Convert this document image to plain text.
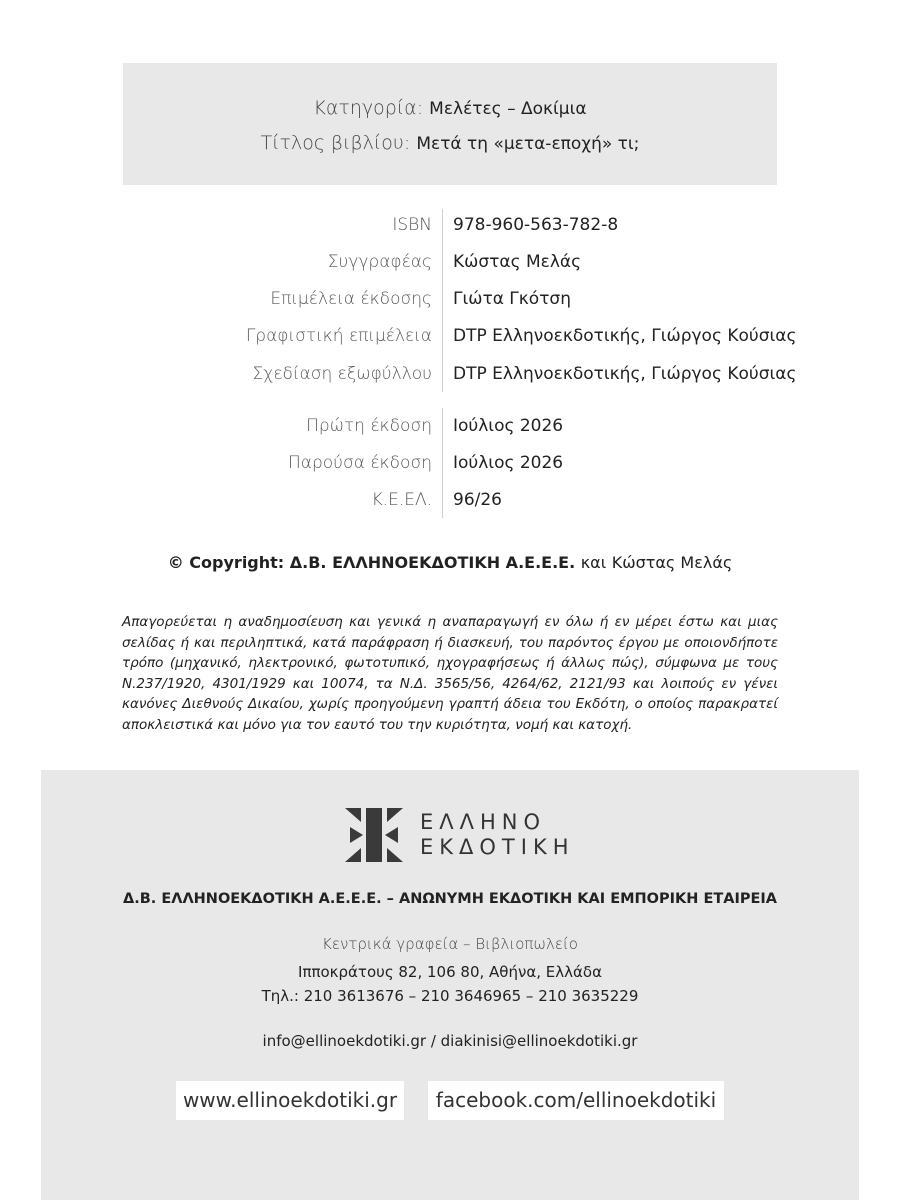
Κατηγορία: Μελέτες – Δοκίμια
Τίτλος βιβλίου: Μετά τη «μετα-εποχή» τι;
ISBN 978-960-563-782-8
Συγγραφέας Κώστας Μελάς
Επιμέλεια έκδοσης Γιώτα Γκότση
Γραφιστική επιμέλεια DTP Ελληνοεκδοτικής, Γιώργος Κούσιας
Σχεδίαση εξωφύλλου DTP Ελληνοεκδοτικής, Γιώργος Κούσιας
Πρώτη έκδοση Ιούλιος 2026
Παρούσα έκδοση Ιούλιος 2026
Κ.Ε.ΕΛ. 96/26
© Copyright: Δ.Β. ΕΛΛΗΝΟΕΚΔΟΤΙΚΗ Α.Ε.Ε.Ε. και Κώστας Μελάς
Απαγορεύεται η αναδημοσίευση και γενικά η αναπαραγωγή εν όλω ή εν μέρει έστω και μιας σελίδας ή και περιληπτικά, κατά παράφραση ή διασκευή, του παρόντος έργου με οποιονδήποτε τρόπο (μηχανικό, ηλεκτρονικό, φωτοτυπικό, ηχογραφήσεως ή άλλως πώς), σύμφωνα με τους Ν.237/1920, 4301/1929 και 10074, τα Ν.Δ. 3565/56, 4264/62, 2121/93 και λοιπούς εν γένει κανόνες Διεθνούς Δικαίου, χωρίς προηγούμενη γραπτή άδεια του Εκδότη, ο οποίος παρακρατεί αποκλειστικά και μόνο για τον εαυτό του την κυριότητα, νομή και κατοχή.
ΕΛΛΗΝΟ
ΕΚΔΟΤΙΚΗ
Δ.Β. ΕΛΛΗΝΟΕΚΔΟΤΙΚΗ Α.Ε.Ε.Ε. – ΑΝΩΝΥΜΗ ΕΚΔΟΤΙΚΗ ΚΑΙ ΕΜΠΟΡΙΚΗ ΕΤΑΙΡΕΙΑ
Κεντρικά γραφεία – Βιβλιοπωλείο
Ιπποκράτους 82, 106 80, Αθήνα, Ελλάδα
Τηλ.: 210 3613676 – 210 3646965 – 210 3635229
info@ellinoekdotiki.gr / diakinisi@ellinoekdotiki.gr
www.ellinoekdotiki.gr	facebook.com/ellinoekdotiki
